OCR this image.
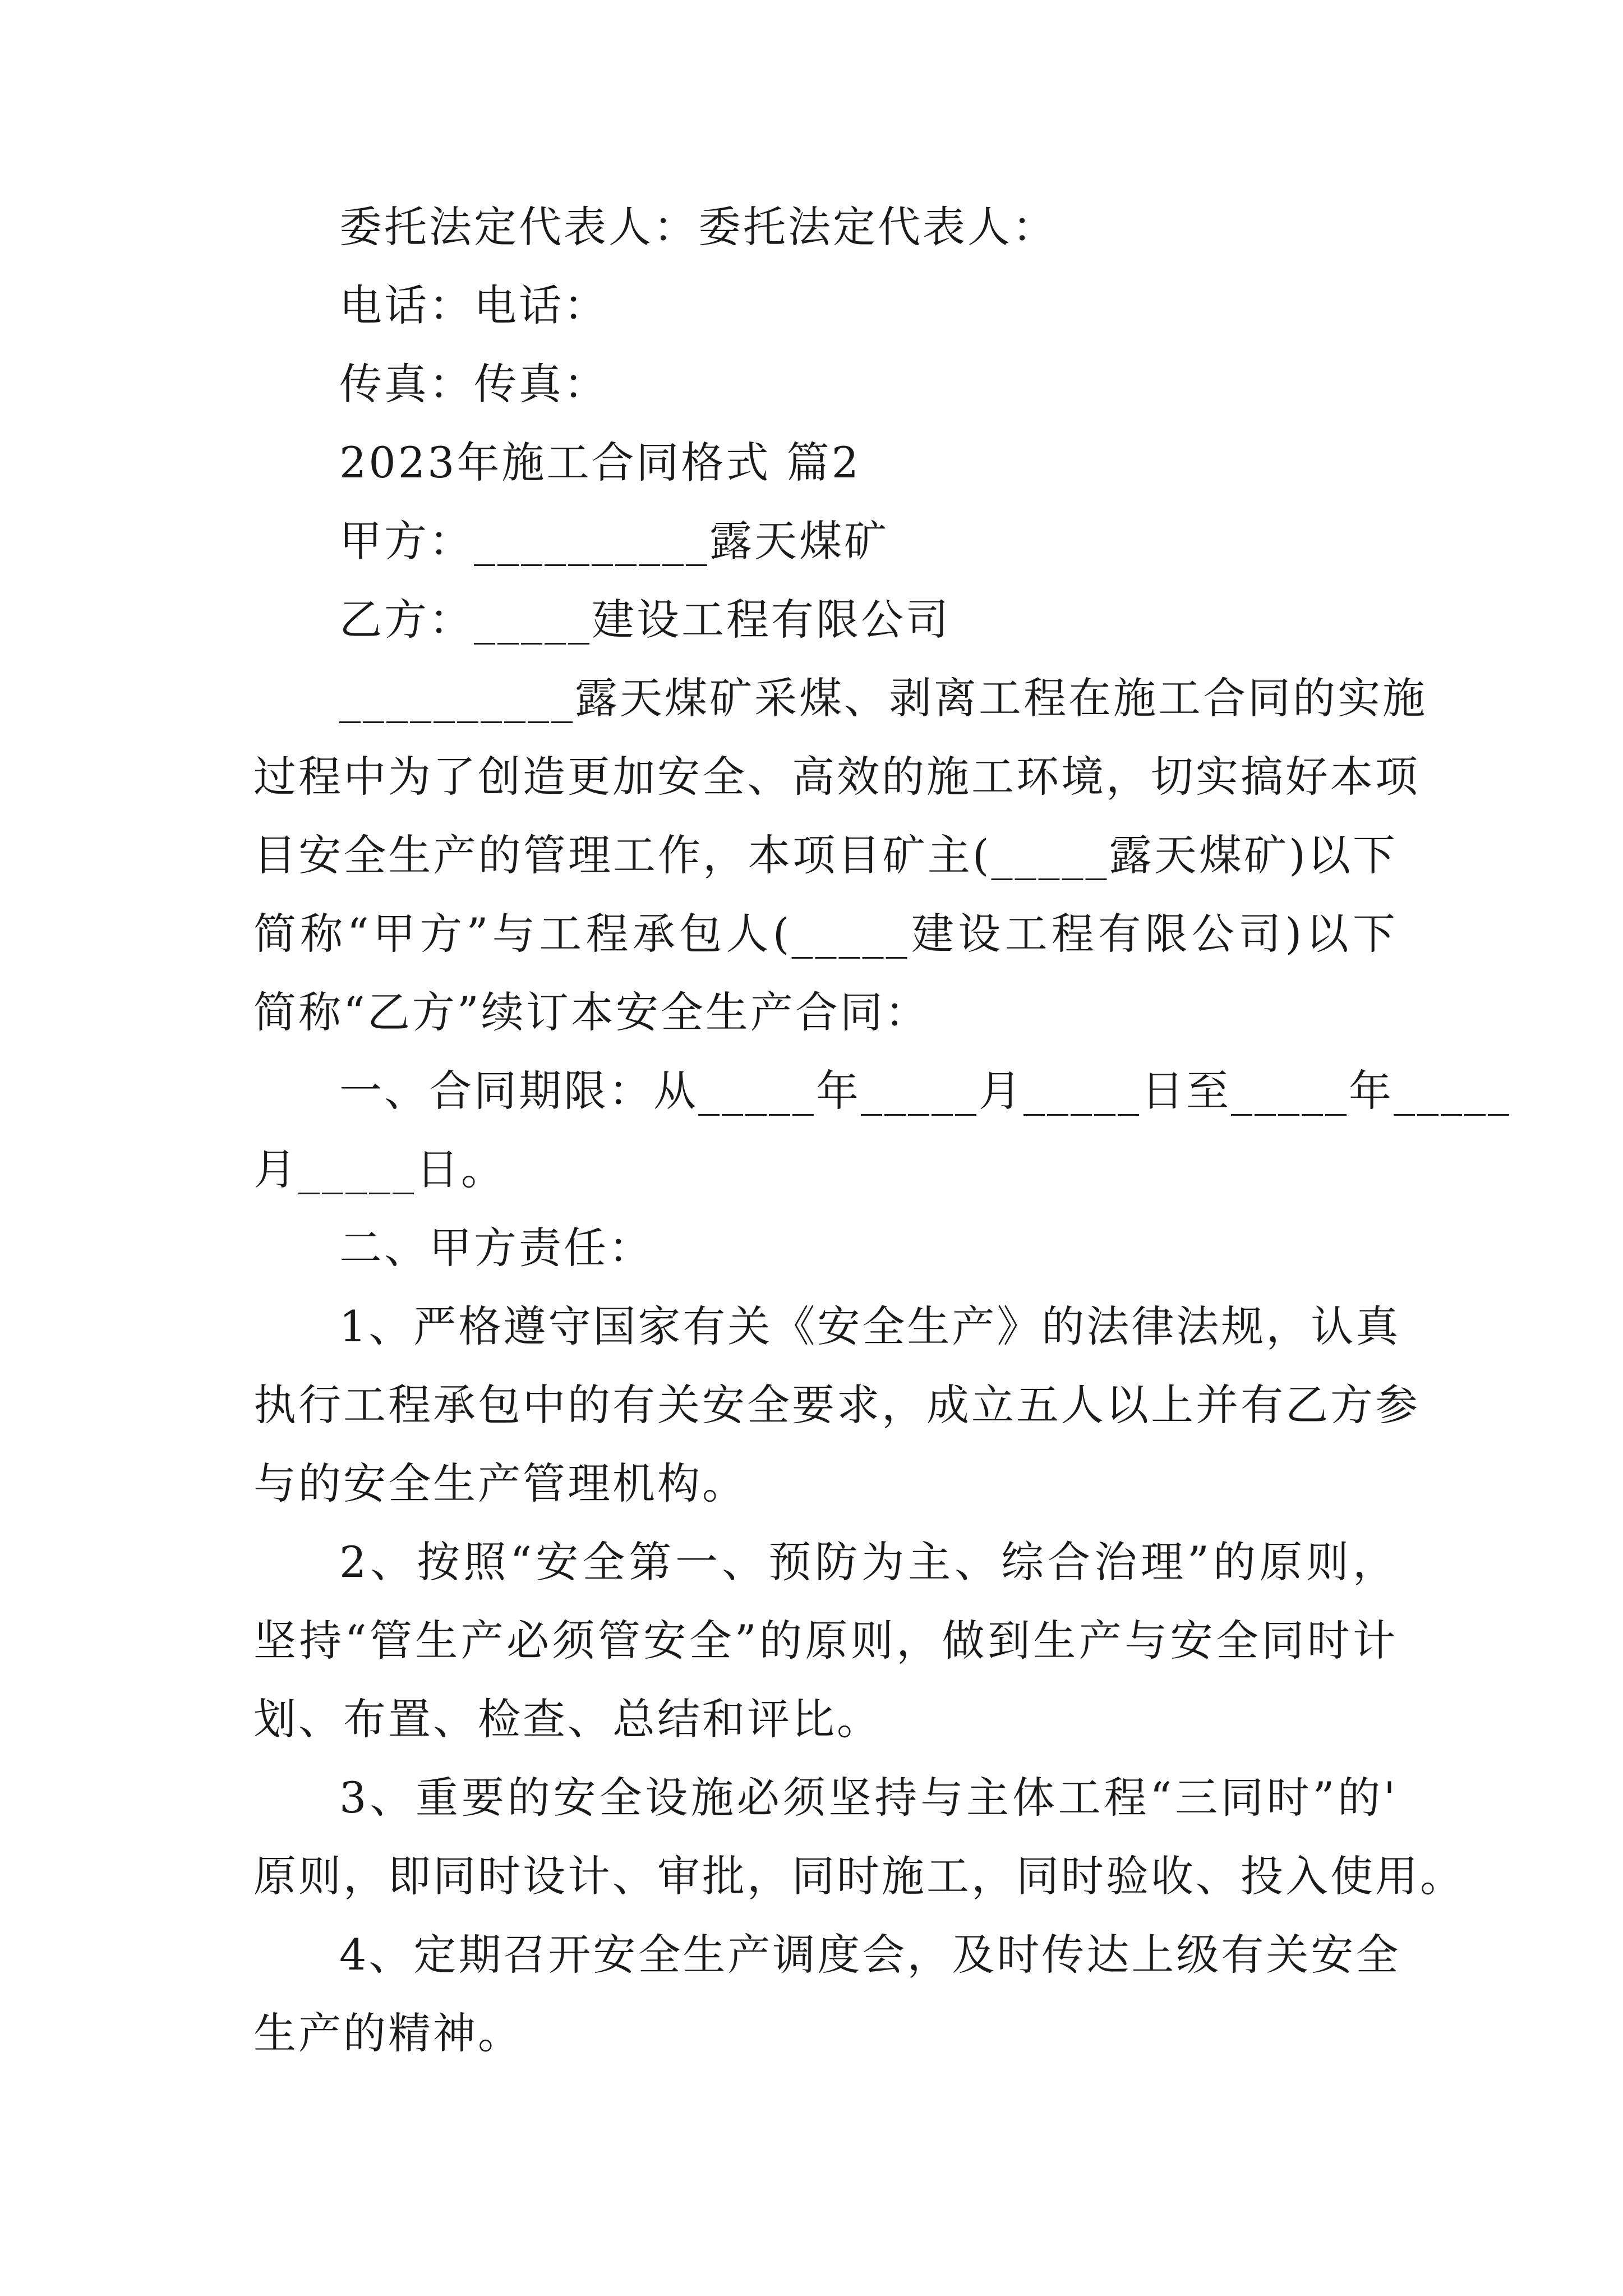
委托法定代表人：委托法定代表人：
电话：电话：
传真：传真：
2023年施工合同格式 篇2
甲方：__________露天煤矿
乙方：_____建设工程有限公司
__________露天煤矿采煤、剥离工程在施工合同的实施
过程中为了创造更加安全、高效的施工环境，切实搞好本项
目安全生产的管理工作，本项目矿主(_____露天煤矿)以下
简称“甲方”与工程承包人(_____建设工程有限公司)以下
简称“乙方”续订本安全生产合同：
一、合同期限：从_____年_____月_____日至_____年_____
月_____日。
二、甲方责任：
1、严格遵守国家有关《安全生产》的法律法规，认真
执行工程承包中的有关安全要求，成立五人以上并有乙方参
与的安全生产管理机构。
2、按照“安全第一、预防为主、综合治理”的原则，
坚持“管生产必须管安全”的原则，做到生产与安全同时计
划、布置、检查、总结和评比。
3、重要的安全设施必须坚持与主体工程“三同时”的'
原则，即同时设计、审批，同时施工，同时验收、投入使用。
4、定期召开安全生产调度会，及时传达上级有关安全
生产的精神。
